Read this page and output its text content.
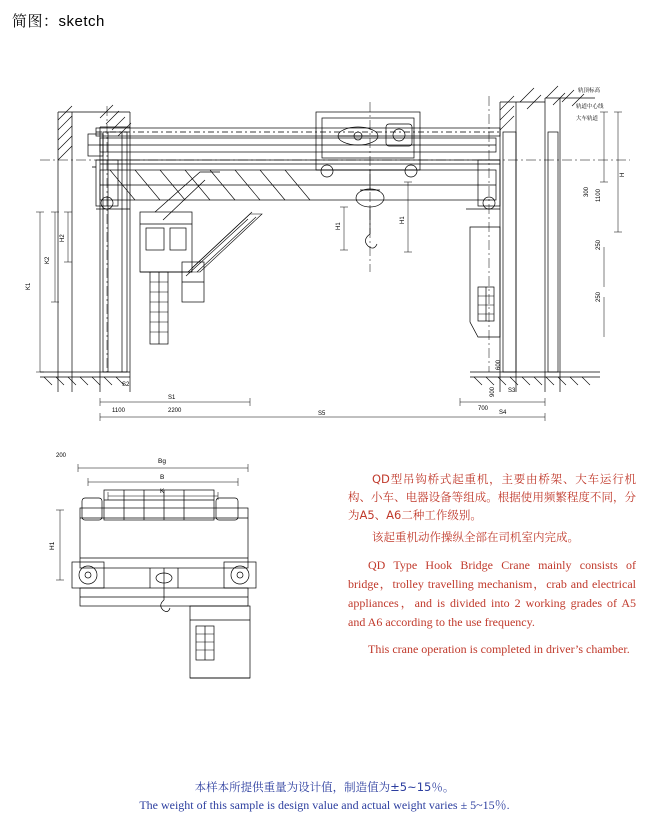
简图：sketch
K1
K2
H2
H1
H1
H
S1
S2
S3
S4
S5
1100	2200
1100
600
900
700
300
200
250
250
轨顶标高
轨道中心线
大车轨道
Bg
B
K
H1

QD型吊钩桥式起重机，主要由桥架、大车运行机构、小车、电器设备等组成。根据使用频繁程度不同，分为A5、A6二种工作级别。

该起重机动作操纵全部在司机室内完成。

QD Type Hook Bridge Crane mainly consists of bridge，trolley travelling mechanism，crab and electrical appliances，and is divided into 2 working grades of A5 and A6 according to the use frequency.

This crane operation is completed in driver’s chamber.

本样本所提供重量为设计值，制造值为±5~15％。
The weight of this sample is design value and actual weight varies ± 5~15％.
